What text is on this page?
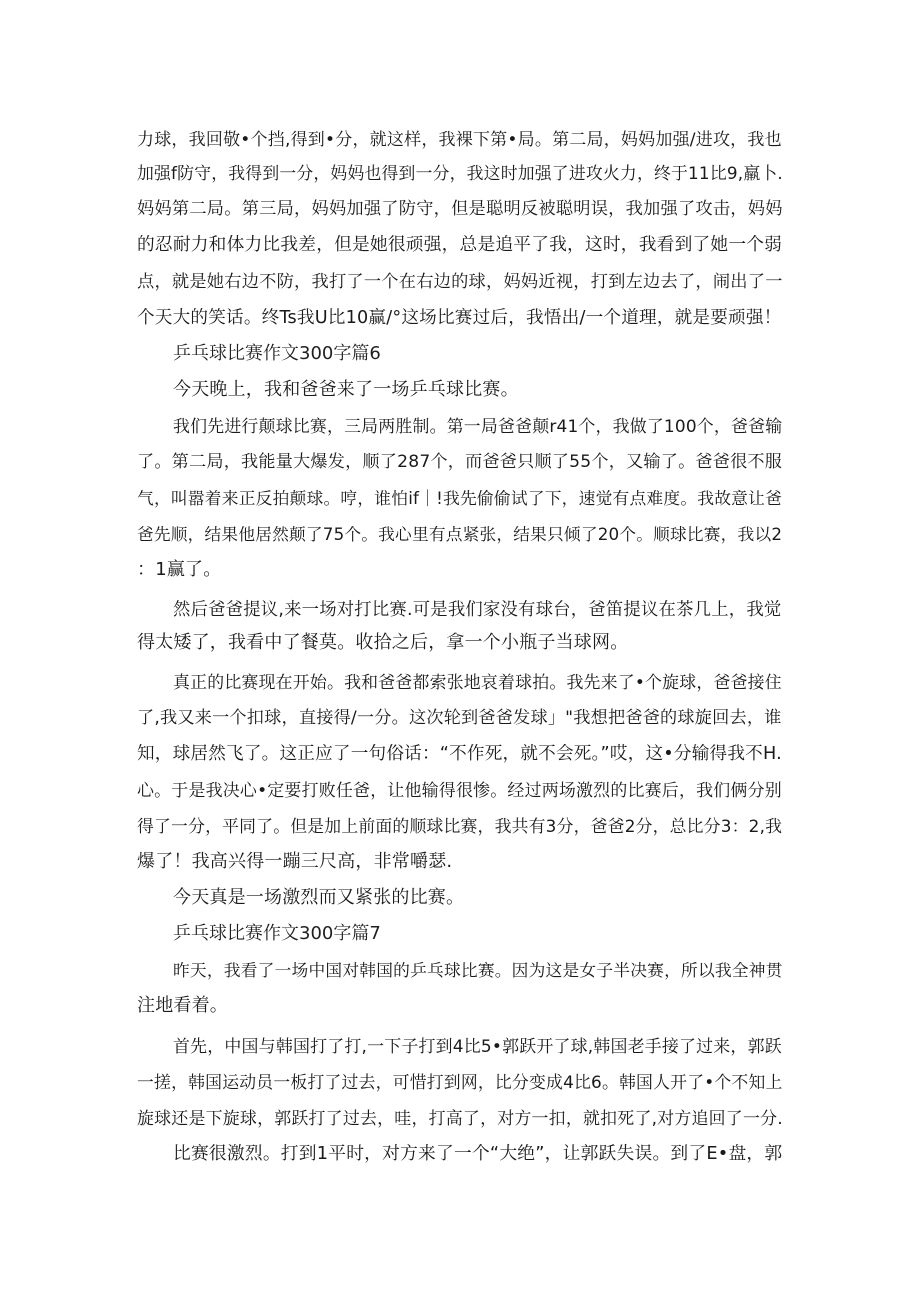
力球，我回敬•个挡,得到•分，就这样，我裸下第•局。第二局，妈妈加强/进攻，我也
加强f防守，我得到一分，妈妈也得到一分，我这时加强了进攻火力，终于11比9,羸卜.
妈妈第二局。第三局，妈妈加强了防守，但是聪明反被聪明误，我加强了攻击，妈妈
的忍耐力和体力比我差，但是她很顽强，总是追平了我，这时，我看到了她一个弱
点，就是她右边不防，我打了一个在右边的球，妈妈近视，打到左边去了，闹出了一
个天大的笑话。终Ts我U比10赢/°这场比赛过后，我悟出/一个道理，就是要顽强！
乒乓球比赛作文300字篇6
今天晚上，我和爸爸来了一场乒乓球比赛。
我们先进行颠球比赛，三局两胜制。第一局爸爸颠r41个，我做了100个，爸爸输
了。第二局，我能量大爆发，顺了287个，而爸爸只顺了55个，又输了。爸爸很不服
气，叫嚣着来正反拍颠球。哼，谁怕if｜!我先偷偷试了下，速觉有点难度。我故意让爸
爸先顺，结果他居然颠了75个。我心里有点紧张，结果只倾了20个。顺球比赛，我以2
：1赢了。
然后爸爸提议,来一场对打比赛.可是我们家没有球台，爸笛提议在茶几上，我觉
得太矮了，我看中了餐莫。收拾之后，拿一个小瓶子当球网。
真正的比赛现在开始。我和爸爸都索张地哀着球拍。我先来了•个旋球，爸爸接住
了,我又来一个扣球，直接得/一分。这次轮到爸爸发球」"我想把爸爸的球旋回去，谁
知，球居然飞了。这正应了一句俗话：“不作死，就不会死。”哎，这•分输得我不H.
心。于是我决心•定要打败任爸，让他输得很惨。经过两场激烈的比赛后，我们俩分别
得了一分，平同了。但是加上前面的顺球比赛，我共有3分，爸爸2分，总比分3：2,我
爆了！我高兴得一蹦三尺高，非常嚼瑟.
今天真是一场激烈而又紧张的比赛。
乒乓球比赛作文300字篇7
昨天，我看了一场中国对韩国的乒乓球比赛。因为这是女子半决赛，所以我全神贯
注地看着。
首先，中国与韩国打了打,一下子打到4比5•郭跃开了球,韩国老手接了过来，郭跃
一搓，韩国运动员一板打了过去，可惜打到网，比分变成4比6。韩国人开了•个不知上
旋球还是下旋球，郭跃打了过去，哇，打高了，对方一扣，就扣死了,对方追回了一分.
比赛很激烈。打到1平时，对方来了一个“大绝”，让郭跃失误。到了E•盘，郭
